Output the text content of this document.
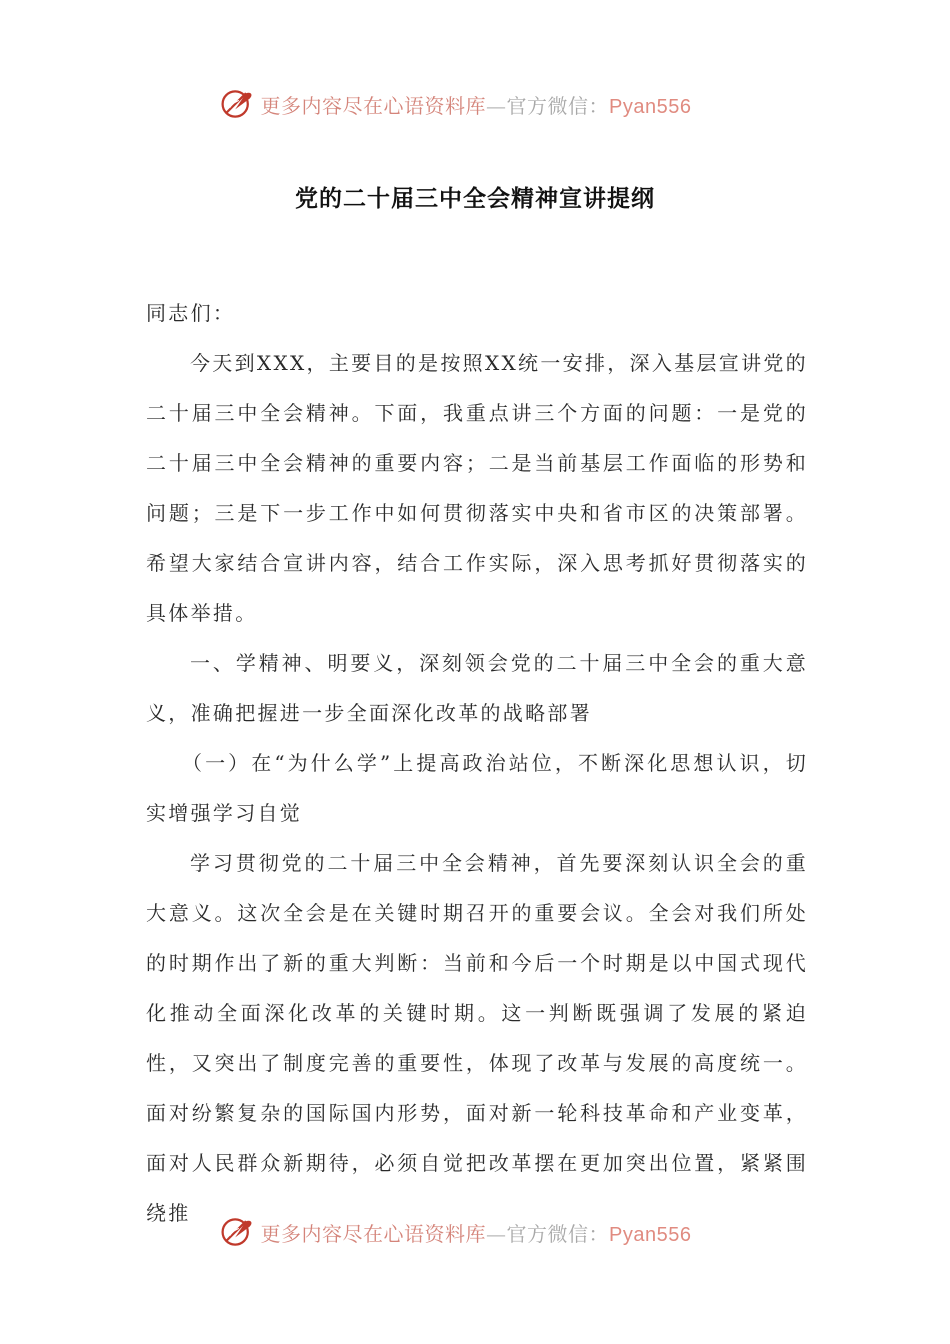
更多内容尽在心语资料库—官方微信：Pyan556
党的二十届三中全会精神宣讲提纲

同志们：

今天到XXX，主要目的是按照XX统一安排，深入基层宣讲党的二十届三中全会精神。下面，我重点讲三个方面的问题：一是党的二十届三中全会精神的重要内容；二是当前基层工作面临的形势和问题；三是下一步工作中如何贯彻落实中央和省市区的决策部署。希望大家结合宣讲内容，结合工作实际，深入思考抓好贯彻落实的具体举措。

一、学精神、明要义，深刻领会党的二十届三中全会的重大意义，准确把握进一步全面深化改革的战略部署

（一）在“为什么学”上提高政治站位，不断深化思想认识，切实增强学习自觉

学习贯彻党的二十届三中全会精神，首先要深刻认识全会的重大意义。这次全会是在关键时期召开的重要会议。全会对我们所处的时期作出了新的重大判断：当前和今后一个时期是以中国式现代化推动全面深化改革的关键时期。这一判断既强调了发展的紧迫性，又突出了制度完善的重要性，体现了改革与发展的高度统一。面对纷繁复杂的国际国内形势，面对新一轮科技革命和产业变革，面对人民群众新期待，必须自觉把改革摆在更加突出位置，紧紧围绕推

更多内容尽在心语资料库—官方微信：Pyan556
